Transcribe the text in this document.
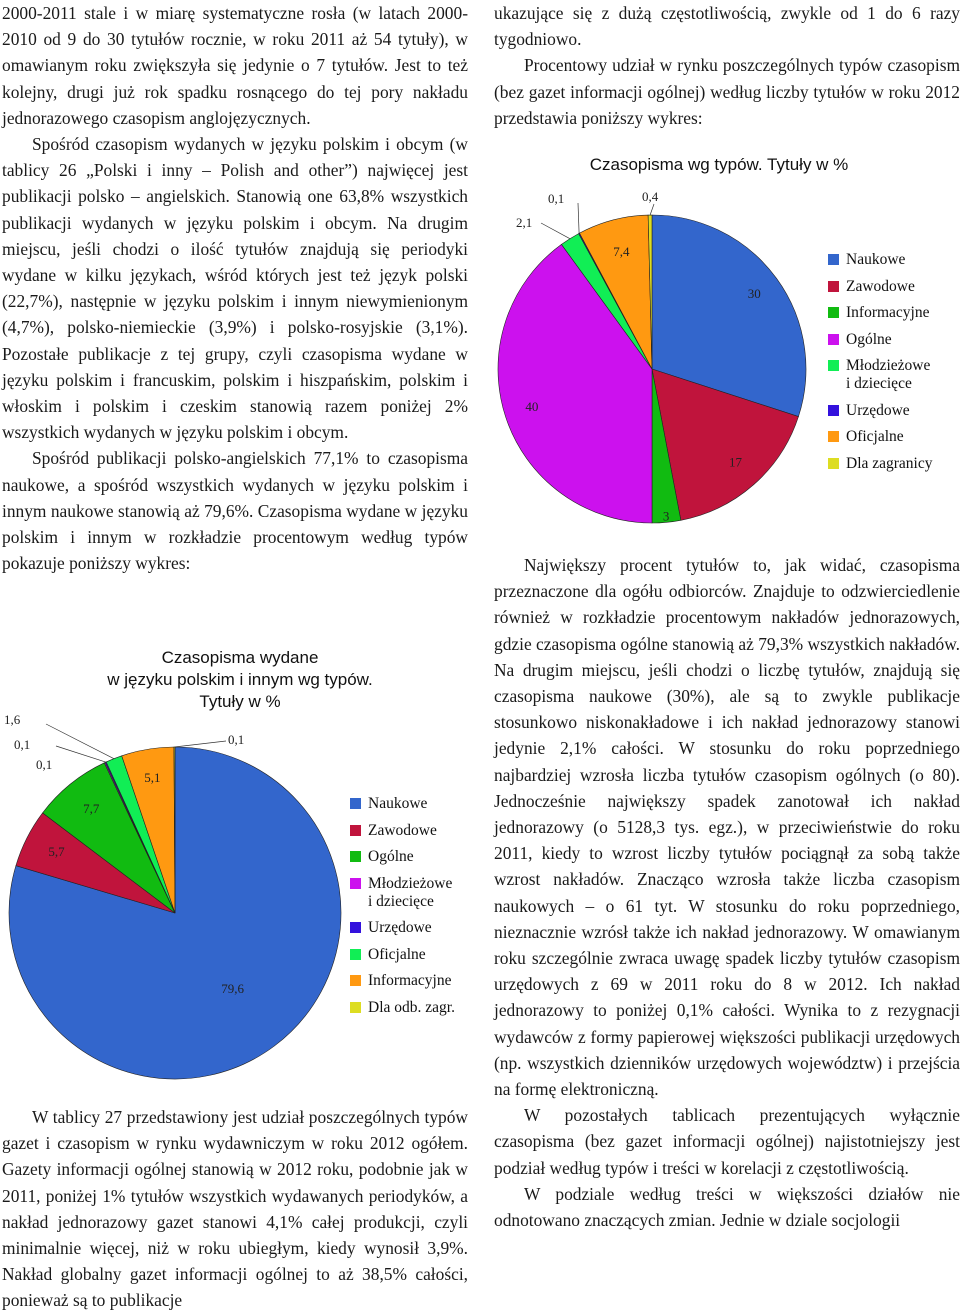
2000-2011 stale i w miarę systematyczne rosła (w latach 2000-2010 od 9 do 30 tytułów rocznie, w roku 2011 aż 54 tytuły), w omawianym roku zwiększyła się jedynie o 7 tytułów. Jest to też kolejny, drugi już rok spadku rosnącego do tej pory nakładu jednorazowego czasopism anglojęzycznych.

Spośród czasopism wydanych w języku polskim i obcym (w tablicy 26 „Polski i inny – Polish and other”) najwięcej jest publikacji polsko – angielskich. Stanowią one 63,8% wszystkich publikacji wydanych w języku polskim i obcym. Na drugim miejscu, jeśli chodzi o ilość tytułów znajdują się periodyki wydane w kilku językach, wśród których jest też język polski (22,7%), następnie w języku polskim i innym niewymienionym (4,7%), polsko-niemieckie (3,9%) i polsko-rosyjskie (3,1%). Pozostałe publikacje z tej grupy, czyli czasopisma wydane w języku polskim i francuskim, polskim i hiszpańskim, polskim i włoskim i polskim i czeskim stanowią razem poniżej 2% wszystkich wydanych w języku polskim i obcym.

Spośród publikacji polsko-angielskich 77,1% to czasopisma naukowe, a spośród wszystkich wydanych w języku polskim i innym naukowe stanowią aż 79,6%. Czasopisma wydane w języku polskim i innym w rozkładzie procentowym według typów pokazuje poniższy wykres:

W tablicy 27 przedstawiony jest udział poszczególnych typów gazet i czasopism w rynku wydawniczym w roku 2012 ogółem. Gazety informacji ogólnej stanowią w 2012 roku, podobnie jak w 2011, poniżej 1% tytułów wszystkich wydawanych periodyków, a nakład jednorazowy gazet stanowi 4,1% całej produkcji, czyli minimalnie więcej, niż w roku ubiegłym, kiedy wynosił 3,9%. Nakład globalny gazet informacji ogólnej to aż 38,5% całości, ponieważ są to publikacje

ukazujące się z dużą częstotliwością, zwykle od 1 do 6 razy tygodniowo.

Procentowy udział w rynku poszczególnych typów czasopism (bez gazet informacji ogólnej) według liczby tytułów w roku 2012 przedstawia poniższy wykres:

Największy procent tytułów to, jak widać, czasopisma przeznaczone dla ogółu odbiorców. Znajduje to odzwierciedlenie również w rozkładzie procentowym nakładów jednorazowych, gdzie czasopisma ogólne stanowią aż 79,3% wszystkich nakładów. Na drugim miejscu, jeśli chodzi o liczbę tytułów, znajdują się czasopisma naukowe (30%), ale są to zwykle publikacje stosunkowo niskonakładowe i ich nakład jednorazowy stanowi jedynie 2,1% całości. W stosunku do roku poprzedniego najbardziej wzrosła liczba tytułów czasopism ogólnych (o 80). Jednocześnie największy spadek zanotował ich nakład jednorazowy (o 5128,3 tys. egz.), w przeciwieństwie do roku 2011, kiedy to wzrost liczby tytułów pociągnął za sobą także wzrost nakładów. Znacząco wzrosła także liczba czasopism naukowych – o 61 tyt. W stosunku do roku poprzedniego, nieznacznie wzrósł także ich nakład jednorazowy. W omawianym roku szczególnie zwraca uwagę spadek liczby tytułów czasopism urzędowych z 69 w 2011 roku do 8 w 2012. Ich nakład jednorazowy to poniżej 0,1% całości. Wynika to z rezygnacji wydawców z formy papierowej większości publikacji urzędowych (np. wszystkich dzienników urzędowych województw) i przejścia na formę elektroniczną.

W pozostałych tablicach prezentujących wyłącznie czasopisma (bez gazet informacji ogólnej) najistotniejszy jest podział według typów i treści w korelacji z częstotliwością.

W podziale według treści w większości działów nie odnotowano znaczących zmian. Jednie w dziale socjologii

Czasopisma wydane
w języku polskim i innym wg typów.
Tytuły w %
79,6
5,7
7,7
0,1
0,1
1,6
5,1
0,1
Naukowe
Zawodowe
Ogólne
Młodzieżowe
i dziecięce
Urzędowe
Oficjalne
Informacyjne
Dla odb. zagr.
Czasopisma wg typów. Tytuły w %
30
17
3
40
2,1
0,1
7,4
0,4
Naukowe
Zawodowe
Informacyjne
Ogólne
Młodzieżowe
i dziecięce
Urzędowe
Oficjalne
Dla zagranicy
